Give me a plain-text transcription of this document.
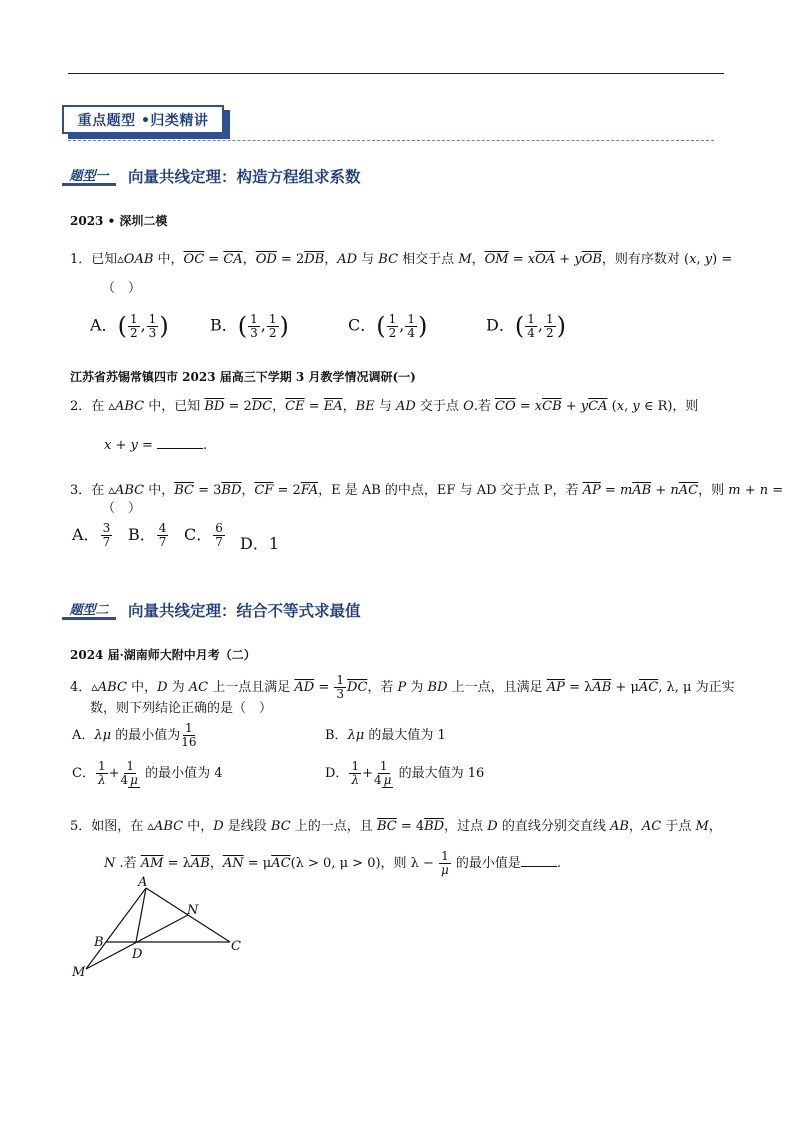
重点题型 •归类精讲
题型一	向量共线定理：构造方程组求系数
2023 • 深圳二模
1．已知▵OAB 中，$\overline{OC} = \overline{CA}$，$\overline{OD} = 2\overline{DB}$，AD 与 BC 相交于点 M，$\overline{OM} = x\overline{OA} + y\overline{OB}$，则有序数对 (x, y) =
（　）
A．( $\frac{1}{2}$ , $\frac{1}{3}$ )	B．( $\frac{1}{3}$ , $\frac{1}{2}$ )	C．( $\frac{1}{2}$ , $\frac{1}{4}$ )	D．( $\frac{1}{4}$ , $\frac{1}{2}$ )
江苏省苏锡常镇四市 2023 届高三下学期 3 月教学情况调研(一)
2．在 ▵ABC 中，已知 $\overline{BD} = 2\overline{DC}$，$\overline{CE} = \overline{EA}$，BE 与 AD 交于点 O.若 $\overline{CO} = x\overline{CB} + y\overline{CA}$ (x, y ∈ R)，则
x + y =	.
3．在 ▵ABC 中，$\overline{BC} = 3\overline{BD}$，$\overline{CF} = 2\overline{FA}$，E 是 AB 的中点，EF 与 AD 交于点 P，若 $\overline{AP} = m\overline{AB} + n\overline{AC}$，则 m + n =
（　）
A． $\frac{3}{7}$ B． $\frac{4}{7}$ C． $\frac{6}{7}$ D．1
题型二	向量共线定理：结合不等式求最值
2024 届·湖南师大附中月考（二）
4．▵ABC 中，D 为 AC 上一点且满足 $\overline{AD} = \frac{1}{3} \overline{DC}$，若 P 为 BD 上一点，且满足 $\overline{AP} = \lambda\overline{AB} + \mu\overline{AC}$, λ, μ 为正实
数，则下列结论正确的是（　）
A．λμ 的最小值为 $\frac{1}{16}$	B．λμ 的最大值为 1
C． $\frac{1}{\lambda} + \frac{1}{4 \mu}$ 的最小值为 4	D． $\frac{1}{\lambda} + \frac{1}{4 \mu}$ 的最大值为 16
5．如图，在 ▵ABC 中，D 是线段 BC 上的一点，且 $\overline{BC} = 4\overline{BD}$，过点 D 的直线分别交直线 AB，AC 于点 M，
N .若 $\overline{AM} = \lambda\overline{AB}$，$\overline{AN} = \mu\overline{AC}(\lambda > 0$, μ > 0)，则 $\lambda - \frac{1}{\mu}$ 的最小值是	.
A
N
B
D
C
M
